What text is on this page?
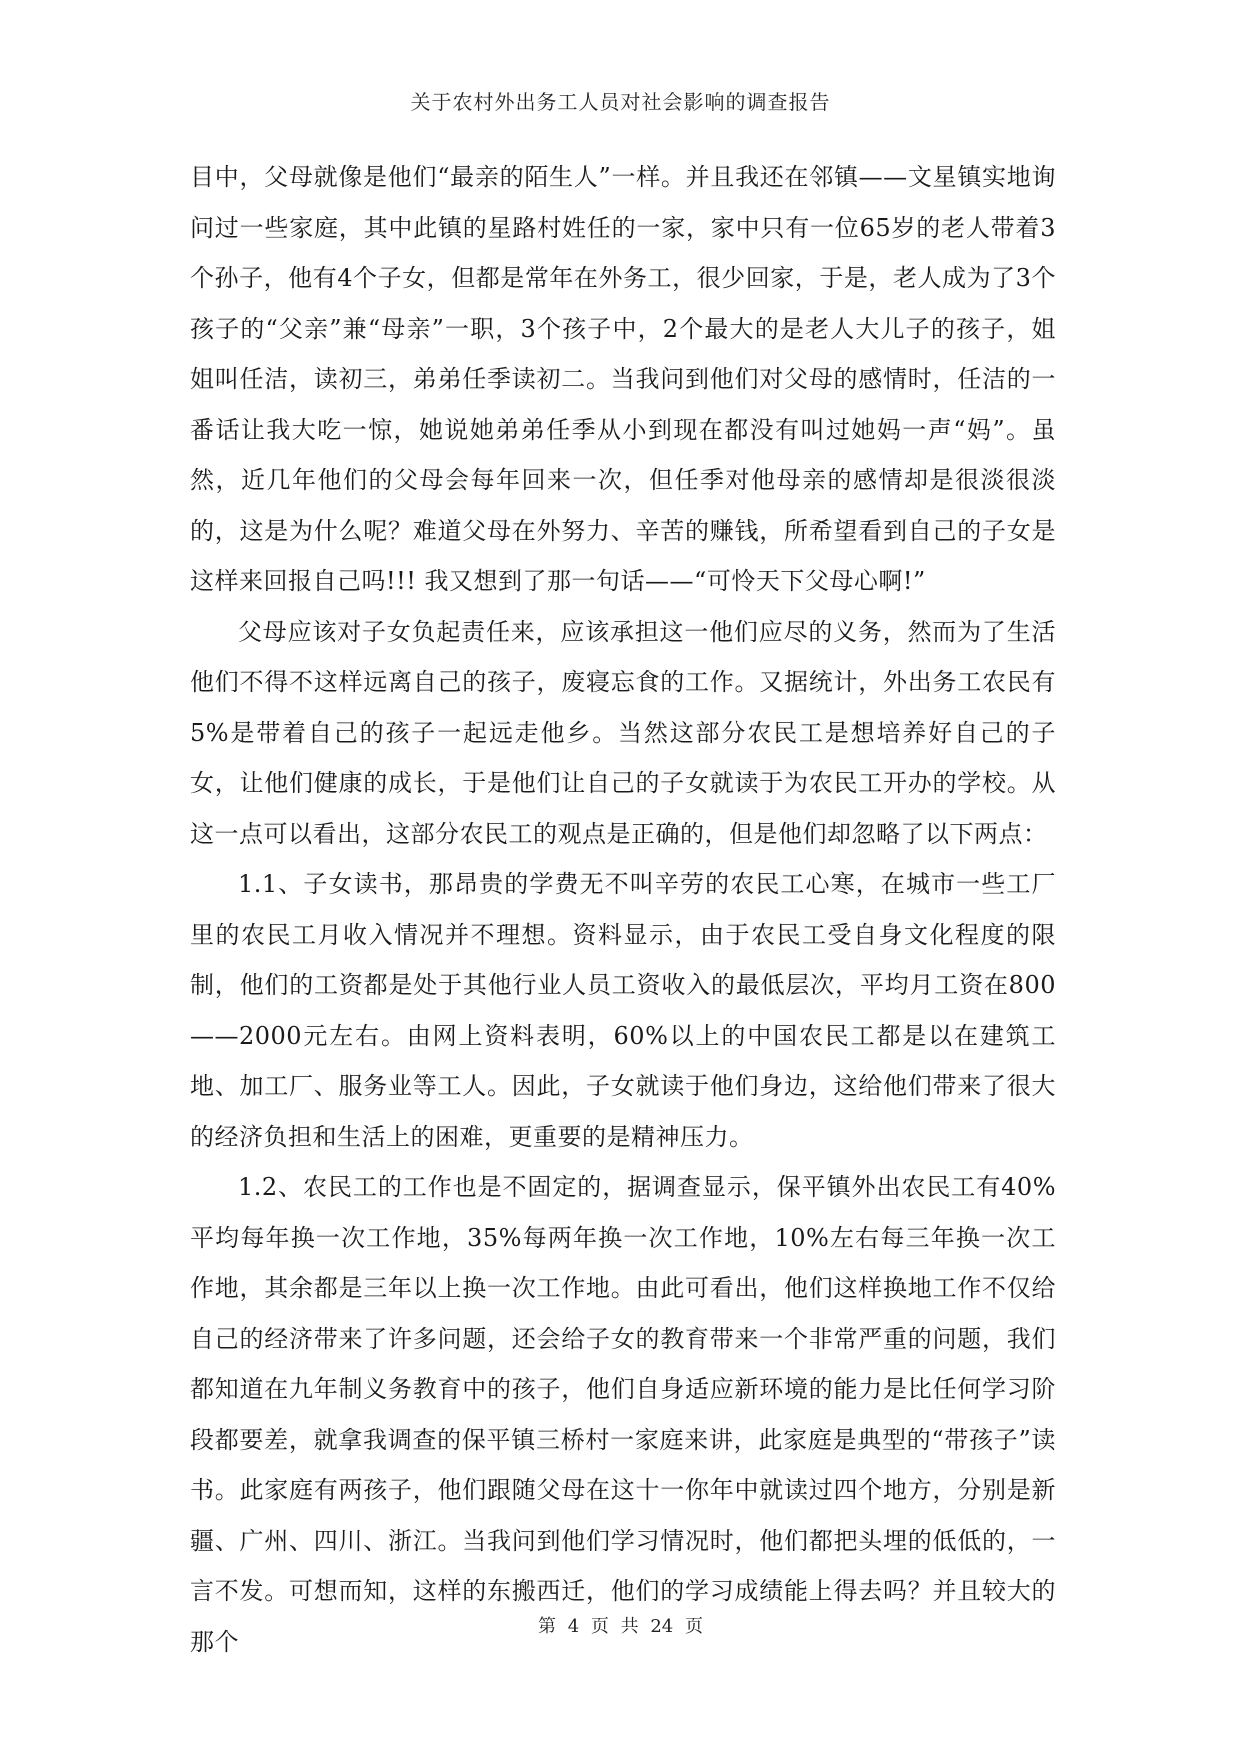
关于农村外出务工人员对社会影响的调查报告

目中，父母就像是他们“最亲的陌生人”一样。并且我还在邻镇——文星镇实地询问过一些家庭，其中此镇的星路村姓任的一家，家中只有一位65岁的老人带着3个孙子，他有4个子女，但都是常年在外务工，很少回家，于是，老人成为了3个孩子的“父亲”兼“母亲”一职，3个孩子中，2个最大的是老人大儿子的孩子，姐姐叫任洁，读初三，弟弟任季读初二。当我问到他们对父母的感情时，任洁的一番话让我大吃一惊，她说她弟弟任季从小到现在都没有叫过她妈一声“妈”。虽然，近几年他们的父母会每年回来一次，但任季对他母亲的感情却是很淡很淡的，这是为什么呢？难道父母在外努力、辛苦的赚钱，所希望看到自己的子女是这样来回报自己吗!!! 我又想到了那一句话——“可怜天下父母心啊!”

父母应该对子女负起责任来，应该承担这一他们应尽的义务，然而为了生活他们不得不这样远离自己的孩子，废寝忘食的工作。又据统计，外出务工农民有5%是带着自己的孩子一起远走他乡。当然这部分农民工是想培养好自己的子女，让他们健康的成长，于是他们让自己的子女就读于为农民工开办的学校。从这一点可以看出，这部分农民工的观点是正确的，但是他们却忽略了以下两点：

1.1、子女读书，那昂贵的学费无不叫辛劳的农民工心寒，在城市一些工厂里的农民工月收入情况并不理想。资料显示，由于农民工受自身文化程度的限制，他们的工资都是处于其他行业人员工资收入的最低层次，平均月工资在800——2000元左右。由网上资料表明，60%以上的中国农民工都是以在建筑工地、加工厂、服务业等工人。因此，子女就读于他们身边，这给他们带来了很大的经济负担和生活上的困难，更重要的是精神压力。

1.2、农民工的工作也是不固定的，据调查显示，保平镇外出农民工有40%平均每年换一次工作地，35%每两年换一次工作地，10%左右每三年换一次工作地，其余都是三年以上换一次工作地。由此可看出，他们这样换地工作不仅给自己的经济带来了许多问题，还会给子女的教育带来一个非常严重的问题，我们都知道在九年制义务教育中的孩子，他们自身适应新环境的能力是比任何学习阶段都要差，就拿我调查的保平镇三桥村一家庭来讲，此家庭是典型的“带孩子”读书。此家庭有两孩子，他们跟随父母在这十一你年中就读过四个地方，分别是新疆、广州、四川、浙江。当我问到他们学习情况时，他们都把头埋的低低的，一言不发。可想而知，这样的东搬西迁，他们的学习成绩能上得去吗？并且较大的那个

第 4 页 共 24 页
